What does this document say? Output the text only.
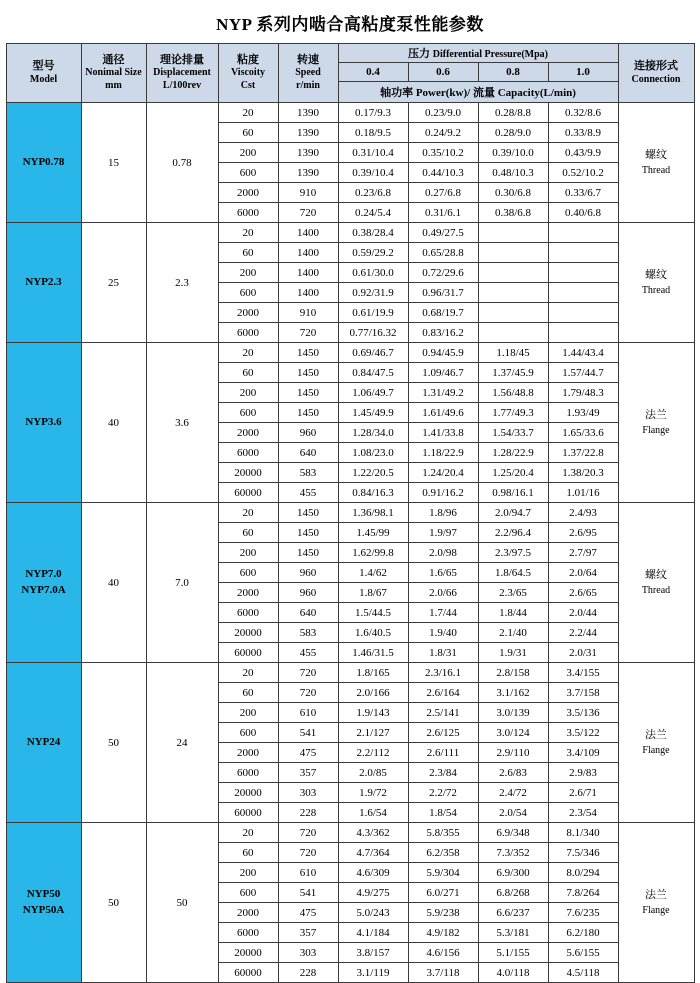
NYP 系列内啮合高粘度泵性能参数
型号
Model	通径
Nonimal Size
mm	理论排量
Displacement
L/100rev	粘度
Viscoity
Cst	转速
Speed
r/min	压力 Differential Pressure(Mpa)				连接形式
Connection

					0.4	0.6	0.8	1.0	
					轴功率 Power(kw)/ 流量 Capacity(L/min)				

NYP0.78	15	0.78	20	1390	0.17/9.3	0.23/9.0	0.28/8.8	0.32/8.6	螺纹
Thread

			60	1390	0.18/9.5	0.24/9.2	0.28/9.0	0.33/8.9	
			200	1390	0.31/10.4	0.35/10.2	0.39/10.0	0.43/9.9	
			600	1390	0.39/10.4	0.44/10.3	0.48/10.3	0.52/10.2	
			2000	910	0.23/6.8	0.27/6.8	0.30/6.8	0.33/6.7	
			6000	720	0.24/5.4	0.31/6.1	0.38/6.8	0.40/6.8	

NYP2.3	25	2.3	20	1400	0.38/28.4	0.49/27.5			螺纹
Thread

			60	1400	0.59/29.2	0.65/28.8			
			200	1400	0.61/30.0	0.72/29.6			
			600	1400	0.92/31.9	0.96/31.7			
			2000	910	0.61/19.9	0.68/19.7			
			6000	720	0.77/16.32	0.83/16.2			

NYP3.6	40	3.6	20	1450	0.69/46.7	0.94/45.9	1.18/45	1.44/43.4	法兰
Flange

			60	1450	0.84/47.5	1.09/46.7	1.37/45.9	1.57/44.7	
			200	1450	1.06/49.7	1.31/49.2	1.56/48.8	1.79/48.3	
			600	1450	1.45/49.9	1.61/49.6	1.77/49.3	1.93/49	
			2000	960	1.28/34.0	1.41/33.8	1.54/33.7	1.65/33.6	
			6000	640	1.08/23.0	1.18/22.9	1.28/22.9	1.37/22.8	
			20000	583	1.22/20.5	1.24/20.4	1.25/20.4	1.38/20.3	
			60000	455	0.84/16.3	0.91/16.2	0.98/16.1	1.01/16	

NYP7.0
NYP7.0A	40	7.0	20	1450	1.36/98.1	1.8/96	2.0/94.7	2.4/93	螺纹
Thread

			60	1450	1.45/99	1.9/97	2.2/96.4	2.6/95	
			200	1450	1.62/99.8	2.0/98	2.3/97.5	2.7/97	
			600	960	1.4/62	1.6/65	1.8/64.5	2.0/64	
			2000	960	1.8/67	2.0/66	2.3/65	2.6/65	
			6000	640	1.5/44.5	1.7/44	1.8/44	2.0/44	
			20000	583	1.6/40.5	1.9/40	2.1/40	2.2/44	
			60000	455	1.46/31.5	1.8/31	1.9/31	2.0/31	

NYP24	50	24	20	720	1.8/165	2.3/16.1	2.8/158	3.4/155	法兰
Flange

			60	720	2.0/166	2.6/164	3.1/162	3.7/158	
			200	610	1.9/143	2.5/141	3.0/139	3.5/136	
			600	541	2.1/127	2.6/125	3.0/124	3.5/122	
			2000	475	2.2/112	2.6/111	2.9/110	3.4/109	
			6000	357	2.0/85	2.3/84	2.6/83	2.9/83	
			20000	303	1.9/72	2.2/72	2.4/72	2.6/71	
			60000	228	1.6/54	1.8/54	2.0/54	2.3/54	

NYP50
NYP50A	50	50	20	720	4.3/362	5.8/355	6.9/348	8.1/340	法兰
Flange

			60	720	4.7/364	6.2/358	7.3/352	7.5/346	
			200	610	4.6/309	5.9/304	6.9/300	8.0/294	
			600	541	4.9/275	6.0/271	6.8/268	7.8/264	
			2000	475	5.0/243	5.9/238	6.6/237	7.6/235	
			6000	357	4.1/184	4.9/182	5.3/181	6.2/180	
			20000	303	3.8/157	4.6/156	5.1/155	5.6/155	
			60000	228	3.1/119	3.7/118	4.0/118	4.5/118	
